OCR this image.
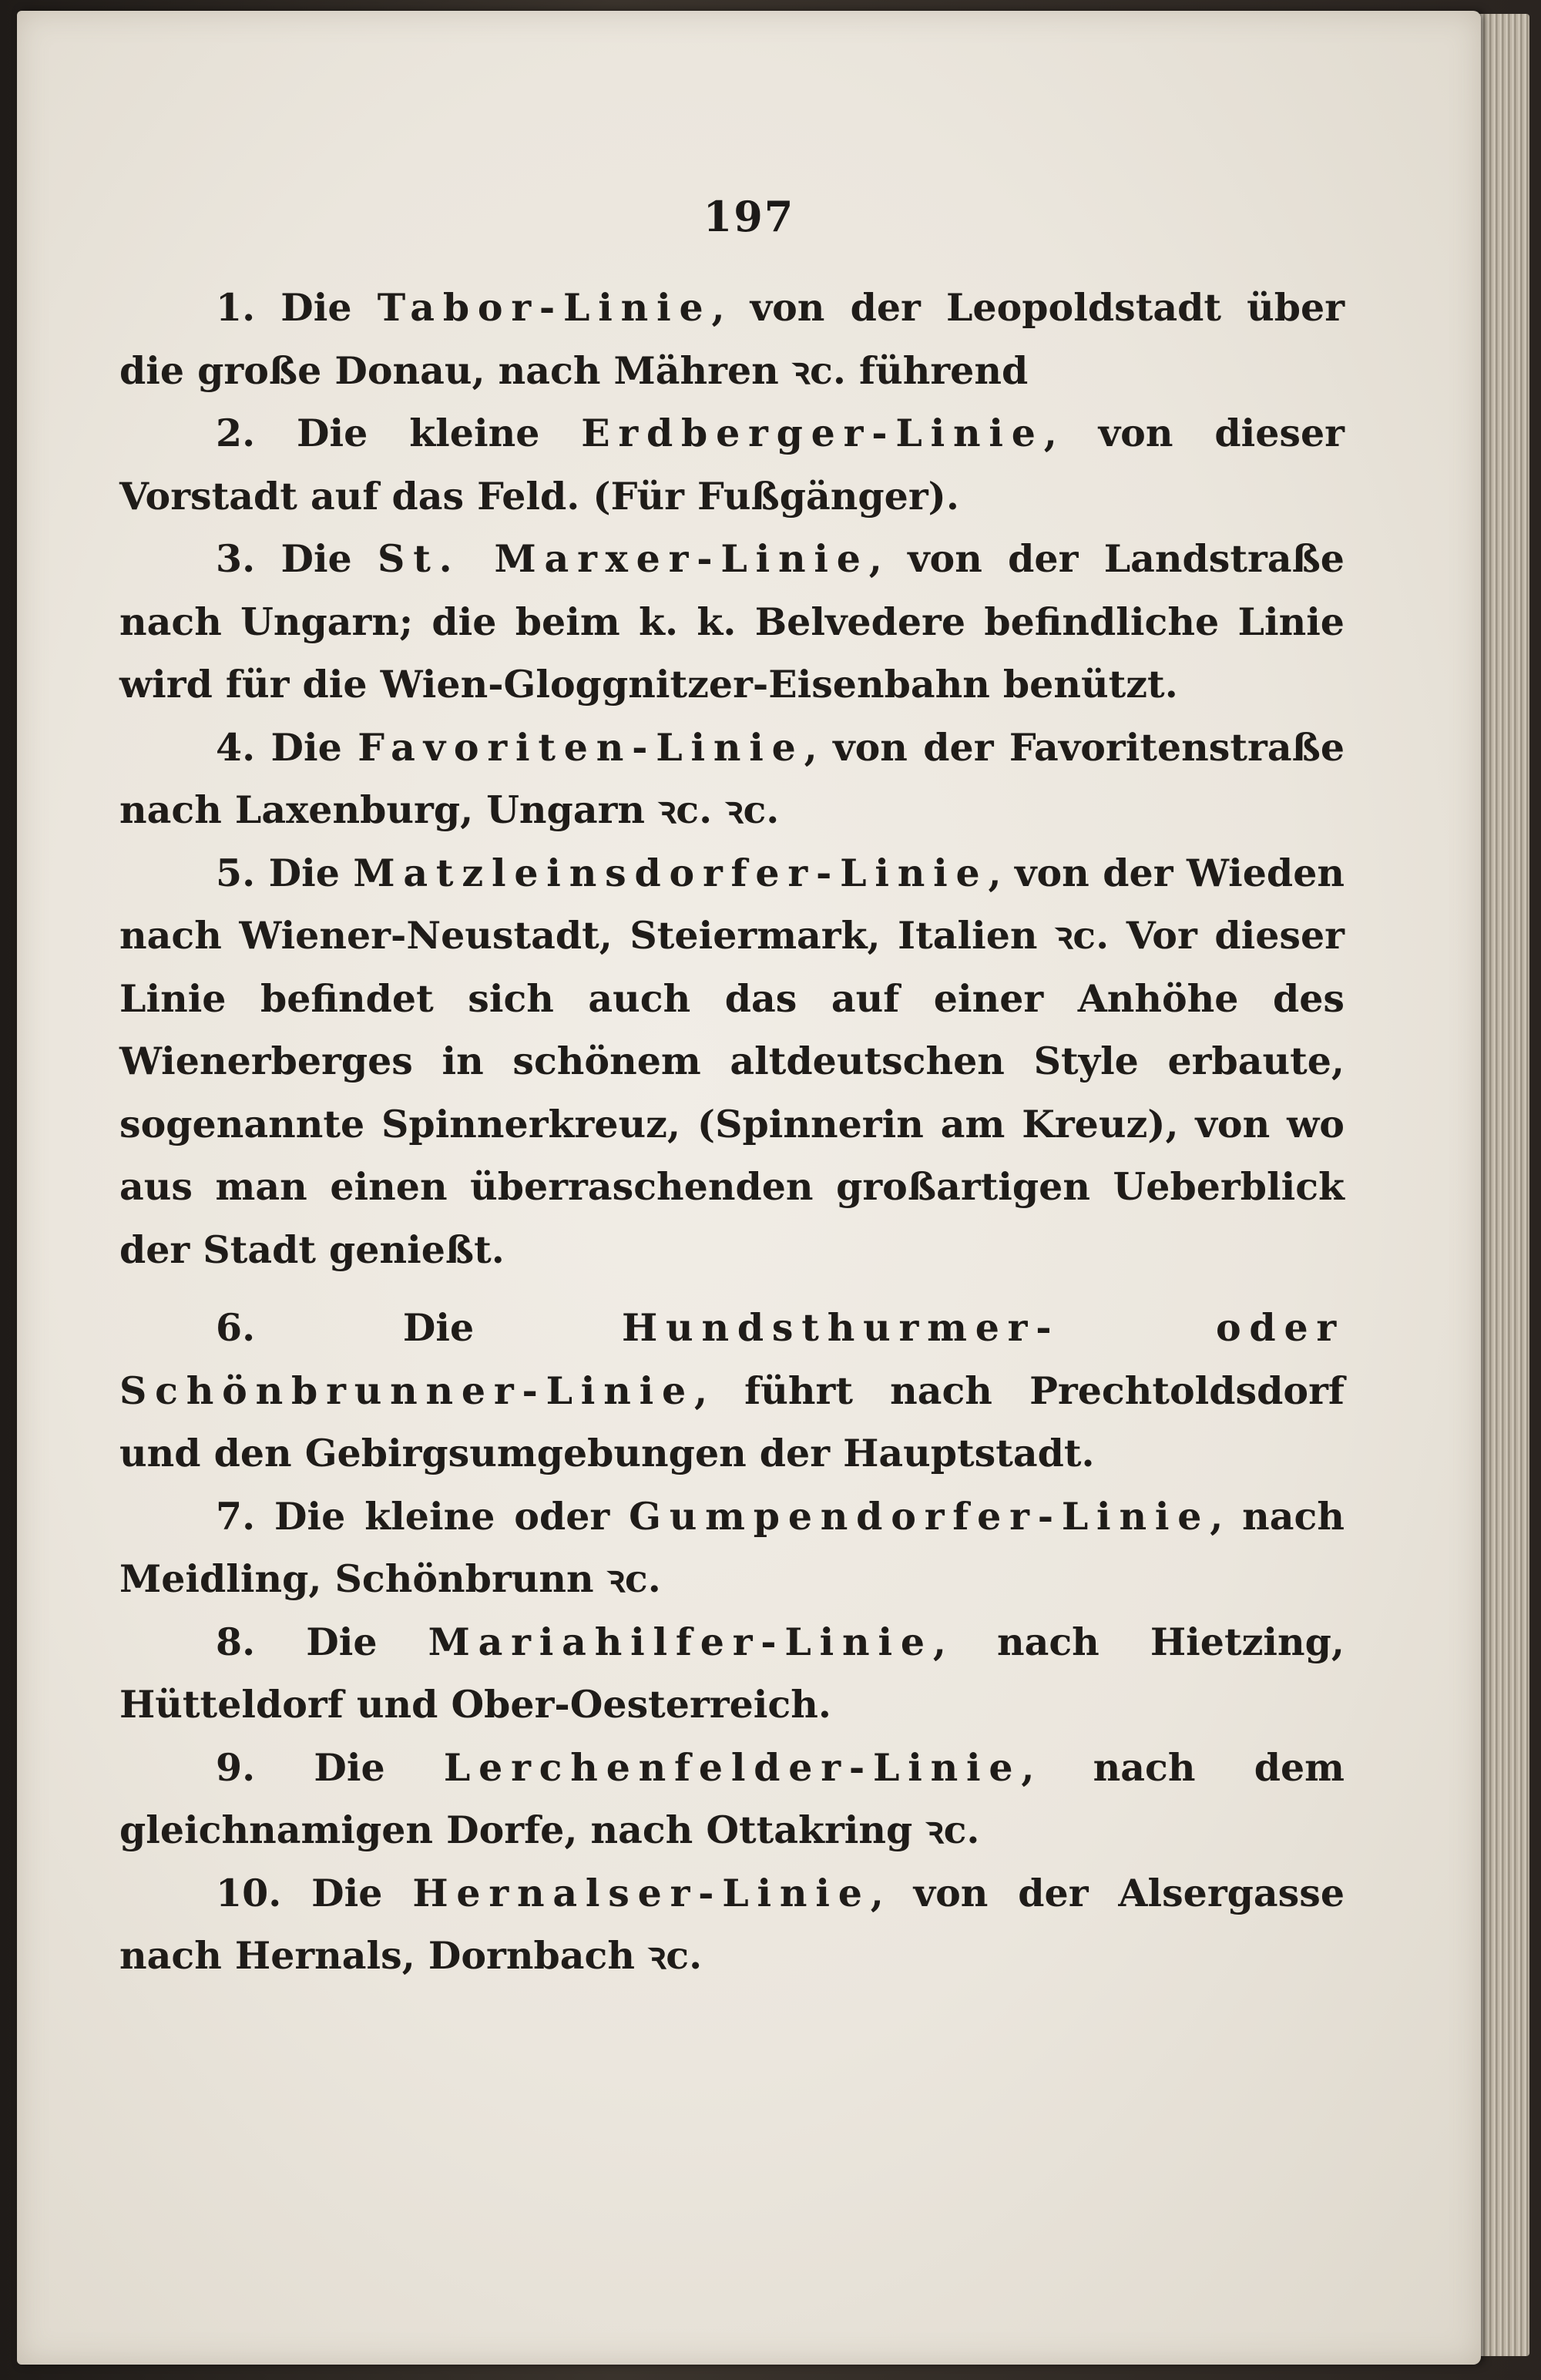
197

1. Die Tabor-Linie, von der Leopoldstadt über die große Donau, nach Mähren ꝛc. führend

2. Die kleine Erdberger-Linie, von dieser Vorstadt auf das Feld. (Für Fußgänger).

3. Die St. Marxer-Linie, von der Landstraße nach Ungarn; die beim k. k. Belvedere befindliche Linie wird für die Wien-Gloggnitzer-Eisenbahn benützt.

4. Die Favoriten-Linie, von der Favoritenstraße nach Laxenburg, Ungarn ꝛc. ꝛc.

5. Die Matzleinsdorfer-Linie, von der Wieden nach Wiener-Neustadt, Steiermark, Italien ꝛc. Vor dieser Linie befindet sich auch das auf einer Anhöhe des Wienerberges in schönem altdeutschen Style erbaute, sogenannte Spinnerkreuz, (Spinnerin am Kreuz), von wo aus man einen überraschenden großartigen Ueberblick der Stadt genießt.

6. Die Hundsthurmer- oder Schönbrunner-Linie, führt nach Prechtoldsdorf und den Gebirgsumgebungen der Hauptstadt.

7. Die kleine oder Gumpendorfer-Linie, nach Meidling, Schönbrunn ꝛc.

8. Die Mariahilfer-Linie, nach Hietzing, Hütteldorf und Ober-Oesterreich.

9. Die Lerchenfelder-Linie, nach dem gleichnamigen Dorfe, nach Ottakring ꝛc.

10. Die Hernalser-Linie, von der Alsergasse nach Hernals, Dornbach ꝛc.
